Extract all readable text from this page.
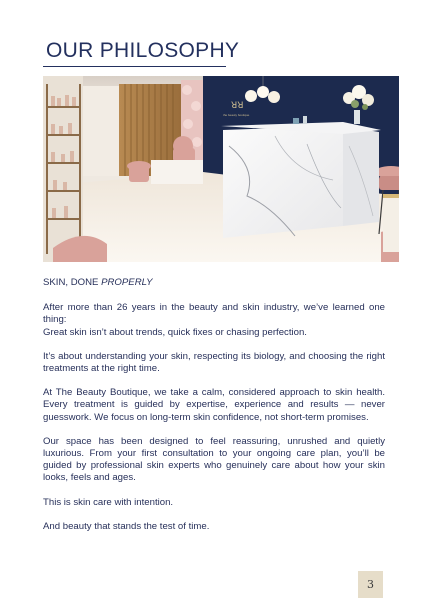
OUR PHILOSOPHY
ꓤꓤ
the beauty boutique

SKIN, DONE PROPERLY

After more than 26 years in the beauty and skin industry, we’ve learned one thing:
Great skin isn’t about trends, quick fixes or chasing perfection.

It’s about understanding your skin, respecting its biology, and choosing the right treatments at the right time.

At The Beauty Boutique, we take a calm, considered approach to skin health. Every treatment is guided by expertise, experience and results — never guesswork. We focus on long-term skin confidence, not short-term promises.

Our space has been designed to feel reassuring, unrushed and quietly luxurious. From your first consultation to your ongoing care plan, you’ll be guided by professional skin experts who genuinely care about how your skin looks, feels and ages.

This is skin care with intention.

And beauty that stands the test of time.

3
